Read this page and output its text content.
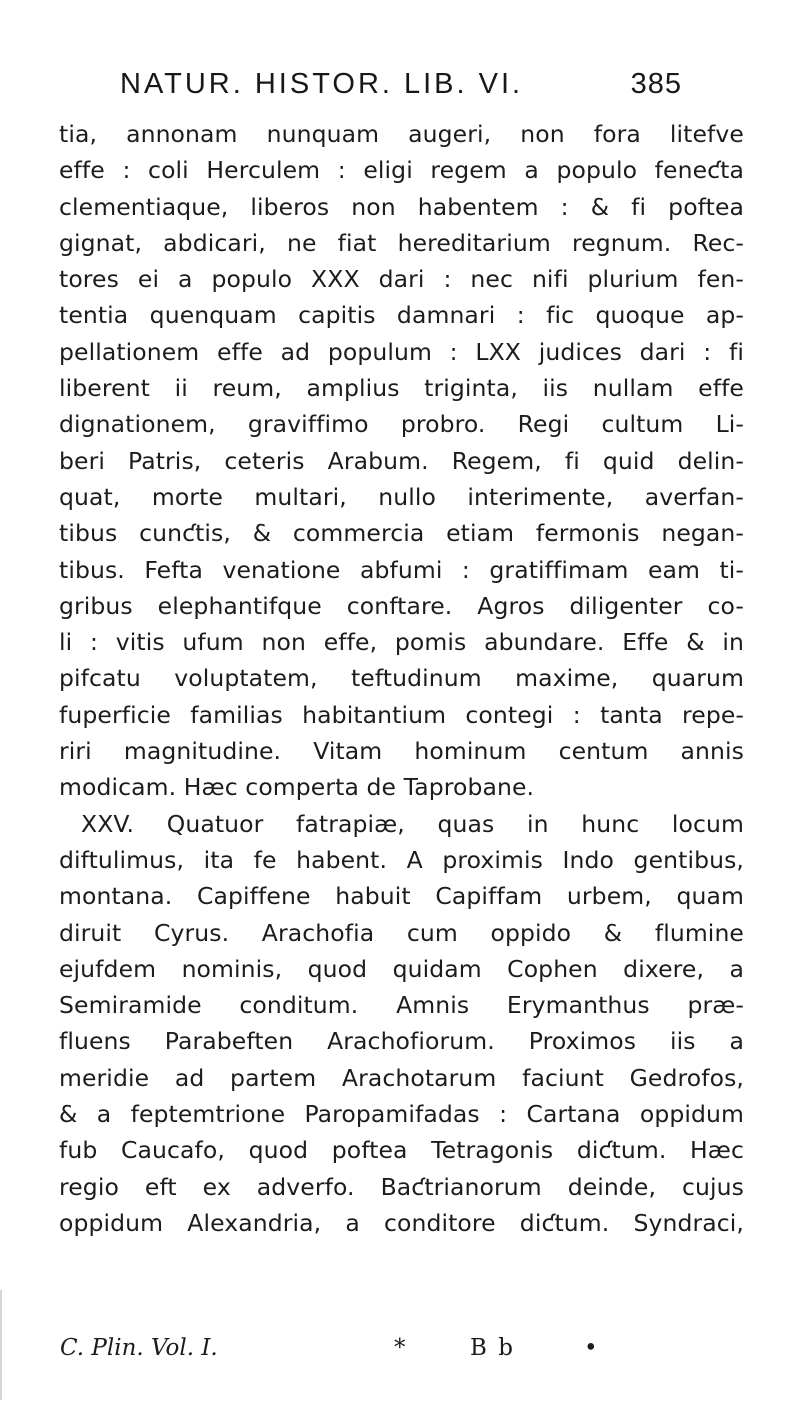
NATUR. HISTOR. LIB. VI.	385
tia, annonam nunquam augeri, non fora litefve
effe : coli Herculem : eligi regem a populo feneƈta
clementiaque, liberos non habentem : & fi poftea
gignat, abdicari, ne fiat hereditarium regnum. Rec-
tores ei a populo XXX dari : nec nifi plurium fen-
tentia quenquam capitis damnari : fic quoque ap-
pellationem effe ad populum : LXX judices dari : fi
liberent ii reum, amplius triginta, iis nullam effe
dignationem, graviffimo probro. Regi cultum Li-
beri Patris, ceteris Arabum. Regem, fi quid delin-
quat, morte multari, nullo interimente, averfan-
tibus cunƈtis, & commercia etiam fermonis negan-
tibus. Fefta venatione abfumi : gratiffimam eam ti-
gribus elephantifque conftare. Agros diligenter co-
li : vitis ufum non effe, pomis abundare. Effe & in
pifcatu voluptatem, teftudinum maxime, quarum
fuperficie familias habitantium contegi : tanta repe-
riri magnitudine. Vitam hominum centum annis
modicam. Hæc comperta de Taprobane.
XXV. Quatuor fatrapiæ, quas in hunc locum
diftulimus, ita fe habent. A proximis Indo gentibus,
montana. Capiffene habuit Capiffam urbem, quam
diruit Cyrus. Arachofia cum oppido & flumine
ejufdem nominis, quod quidam Cophen dixere, a
Semiramide conditum. Amnis Erymanthus præ-
fluens Parabeften Arachofiorum. Proximos iis a
meridie ad partem Arachotarum faciunt Gedrofos,
& a feptemtrione Paropamifadas : Cartana oppidum
fub Caucafo, quod poftea Tetragonis diƈtum. Hæc
regio eft ex adverfo. Baƈtrianorum deinde, cujus
oppidum Alexandria, a conditore diƈtum. Syndraci,
C. Plin. Vol. I.	*	B b	•
